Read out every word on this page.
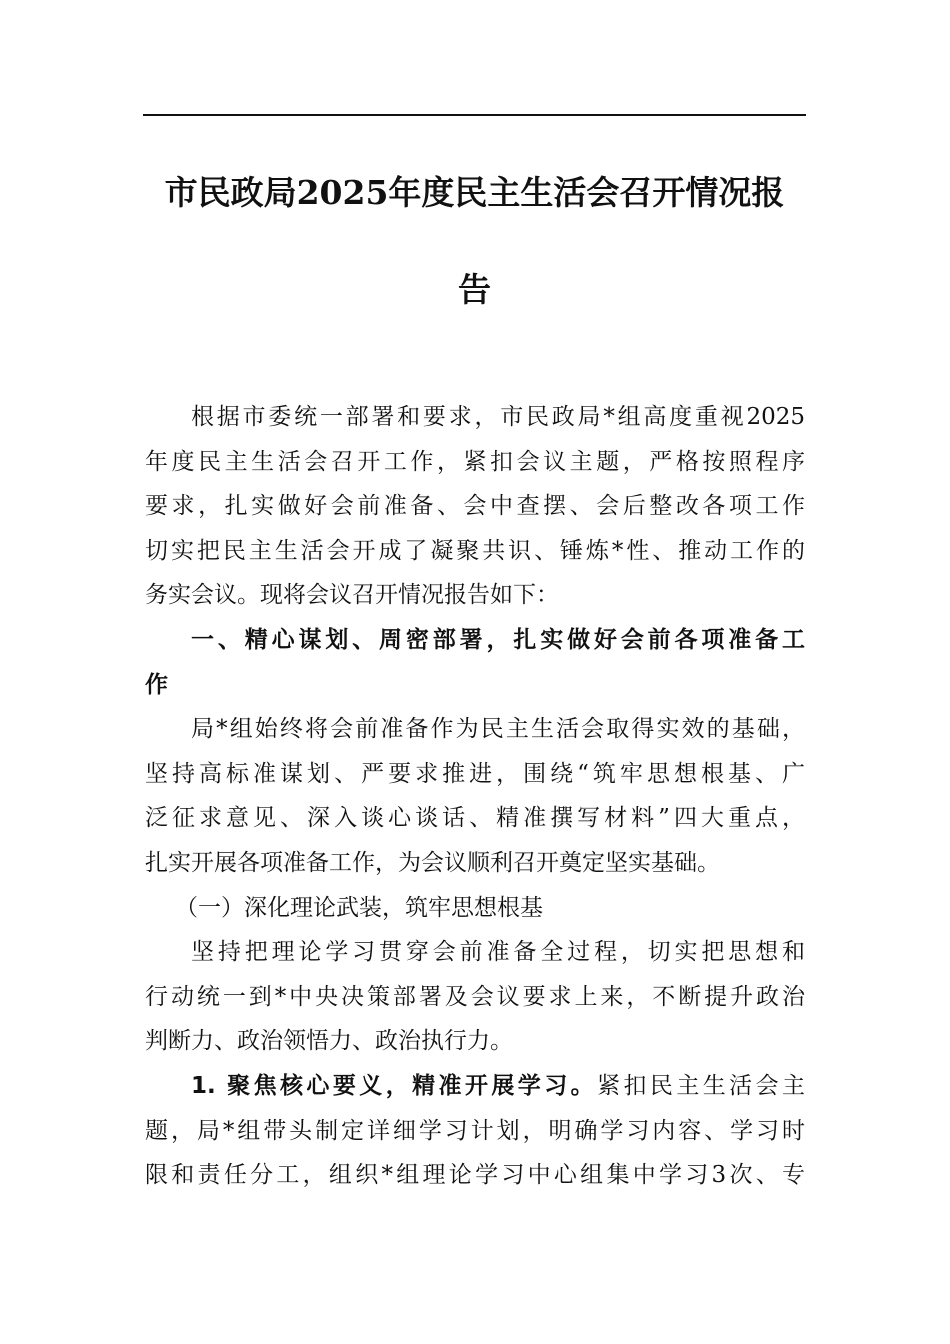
市民政局2025年度民主生活会召开情况报
告
根据市委统一部署和要求，市民政局*组高度重视2025
年度民主生活会召开工作，紧扣会议主题，严格按照程序
要求，扎实做好会前准备、会中查摆、会后整改各项工作
切实把民主生活会开成了凝聚共识、锤炼*性、推动工作的
务实会议。现将会议召开情况报告如下：
一、精心谋划、周密部署，扎实做好会前各项准备工
作
局*组始终将会前准备作为民主生活会取得实效的基础，
坚持高标准谋划、严要求推进，围绕“筑牢思想根基、广
泛征求意见、深入谈心谈话、精准撰写材料”四大重点，
扎实开展各项准备工作，为会议顺利召开奠定坚实基础。
（一）深化理论武装，筑牢思想根基
坚持把理论学习贯穿会前准备全过程，切实把思想和
行动统一到*中央决策部署及会议要求上来，不断提升政治
判断力、政治领悟力、政治执行力。
1. 聚焦核心要义，精准开展学习。紧扣民主生活会主
题，局*组带头制定详细学习计划，明确学习内容、学习时
限和责任分工，组织*组理论学习中心组集中学习3次、专
